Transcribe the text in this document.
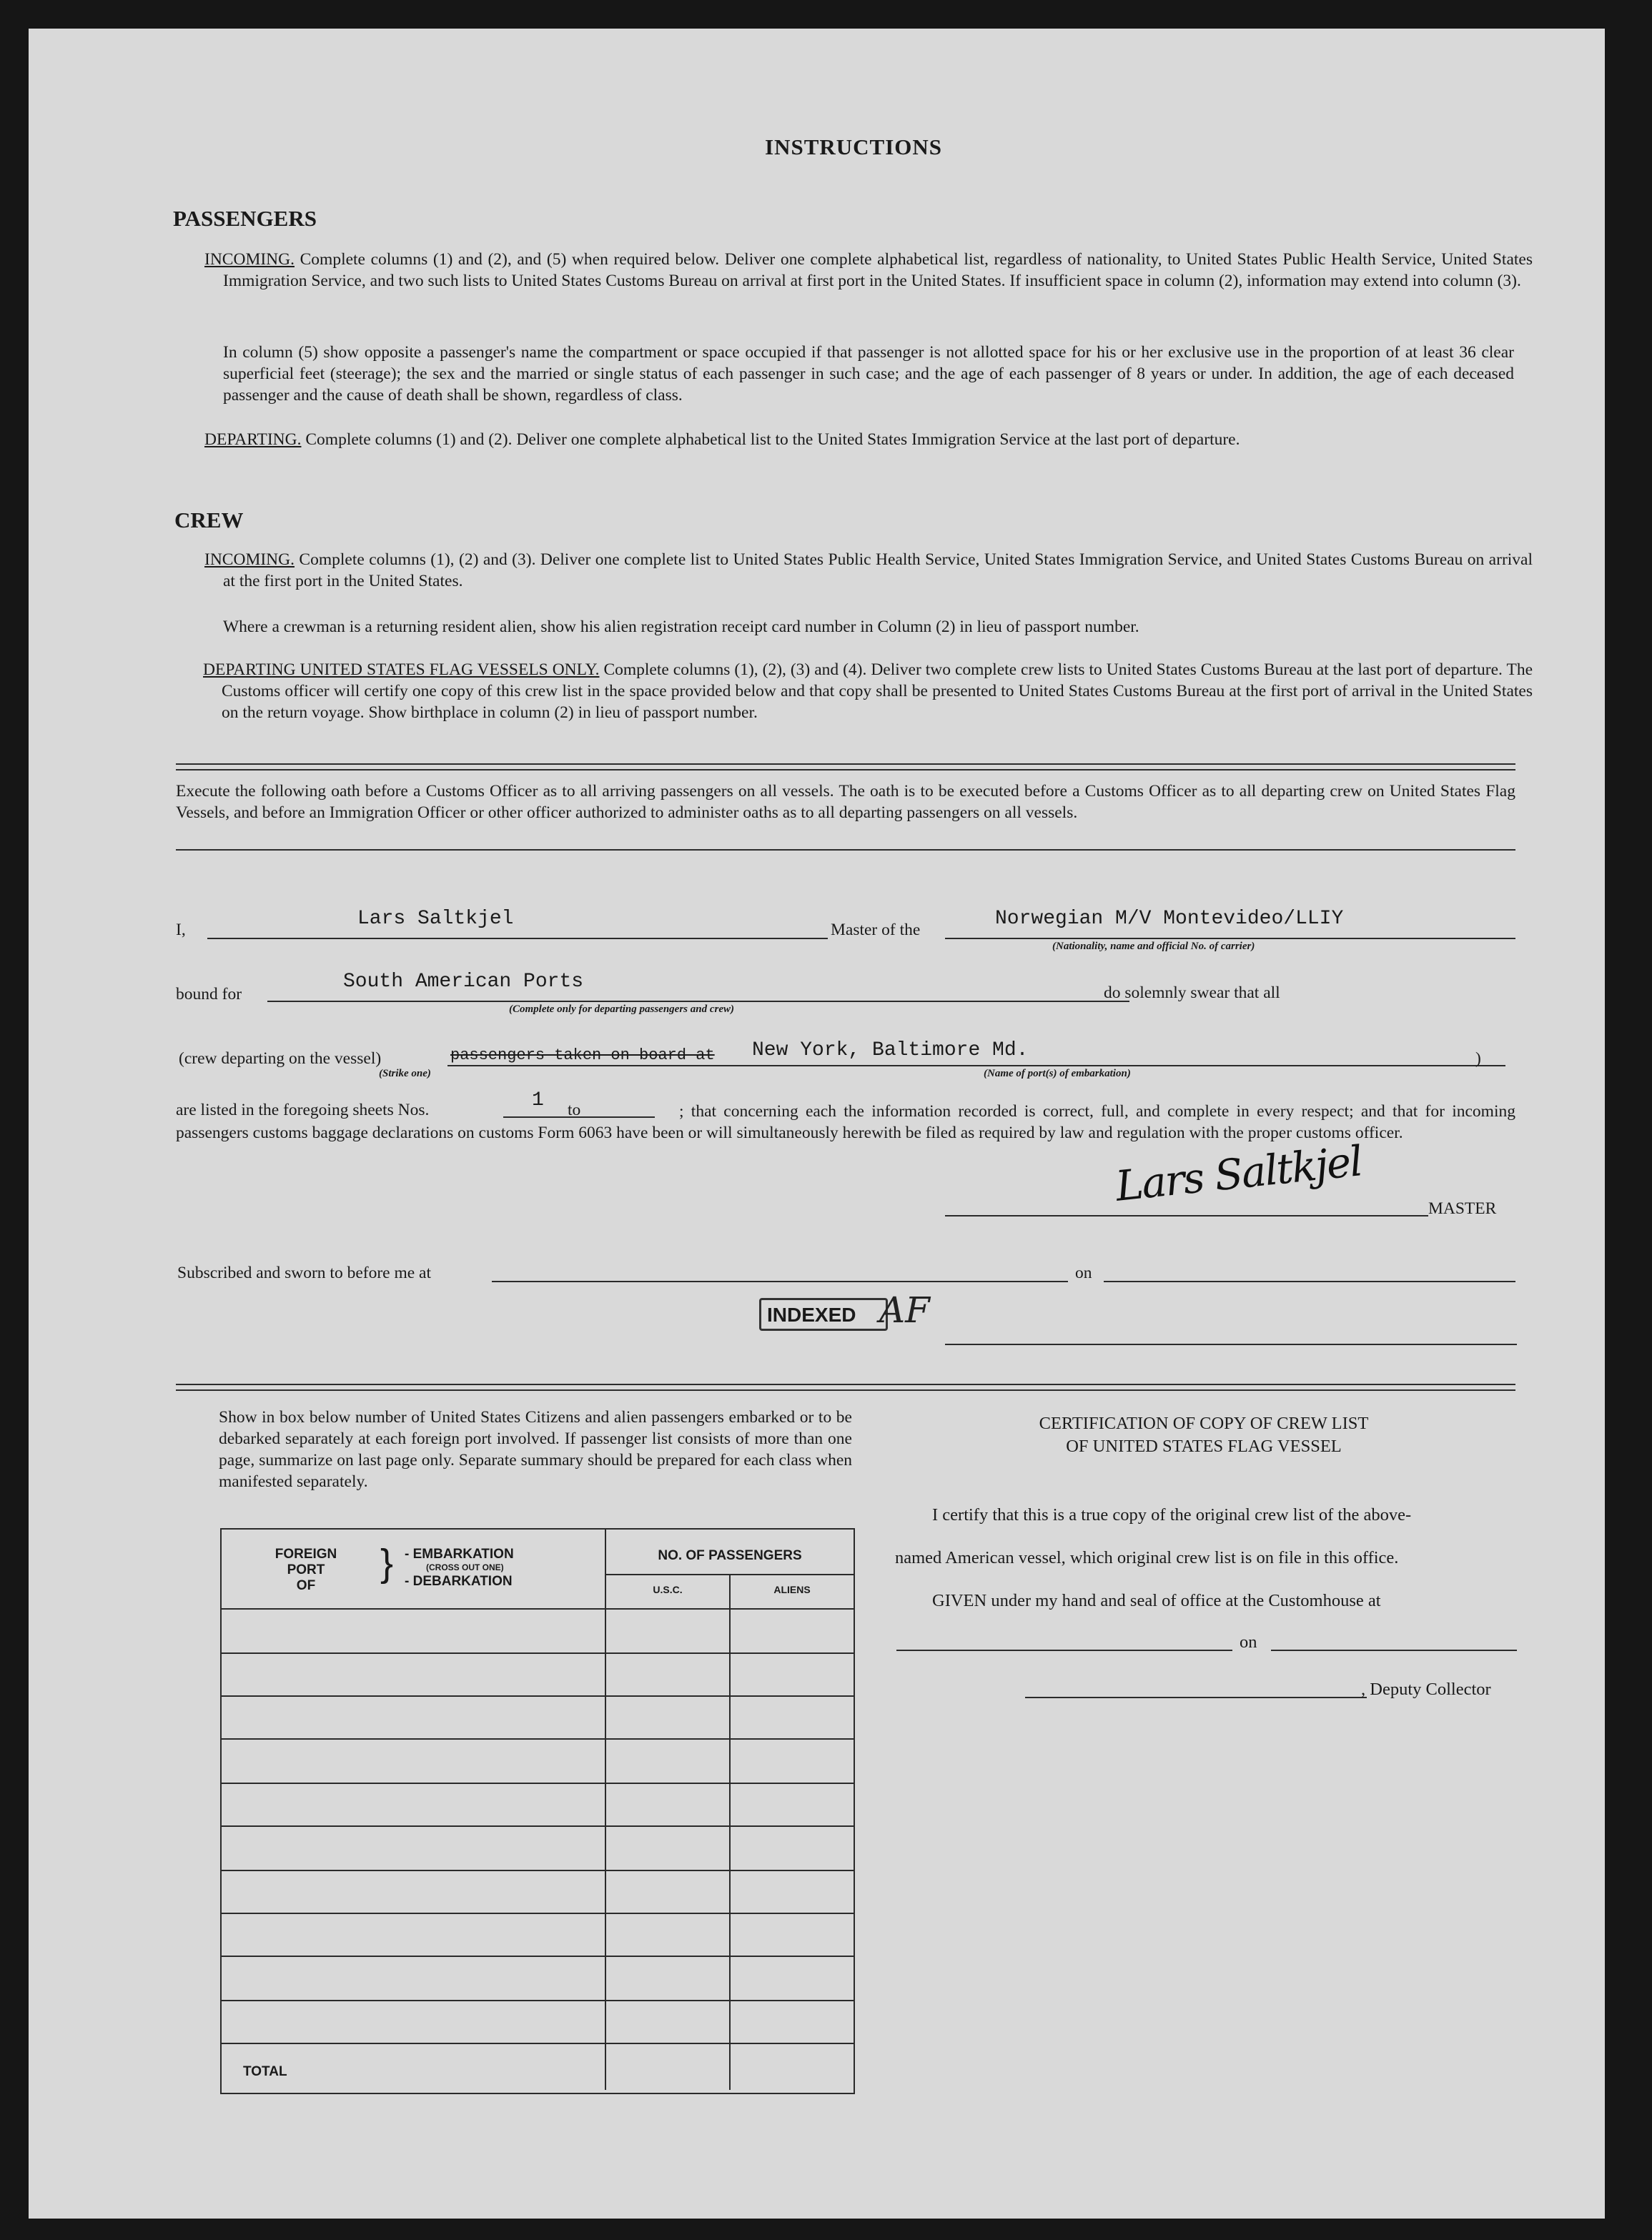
INSTRUCTIONS
PASSENGERS
INCOMING. Complete columns (1) and (2), and (5) when required below. Deliver one complete alphabetical list, regardless of nationality, to United States Public Health Service, United States Immigration Service, and two such lists to United States Customs Bureau on arrival at first port in the United States. If insufficient space in column (2), information may extend into column (3).
In column (5) show opposite a passenger's name the compartment or space occupied if that passenger is not allotted space for his or her exclusive use in the proportion of at least 36 clear superficial feet (steerage); the sex and the married or single status of each passenger in such case; and the age of each passenger of 8 years or under. In addition, the age of each deceased passenger and the cause of death shall be shown, regardless of class.
DEPARTING. Complete columns (1) and (2). Deliver one complete alphabetical list to the United States Immigration Service at the last port of departure.
CREW
INCOMING. Complete columns (1), (2) and (3). Deliver one complete list to United States Public Health Service, United States Immigration Service, and United States Customs Bureau on arrival at the first port in the United States.
Where a crewman is a returning resident alien, show his alien registration receipt card number in Column (2) in lieu of passport number.
DEPARTING UNITED STATES FLAG VESSELS ONLY. Complete columns (1), (2), (3) and (4). Deliver two complete crew lists to United States Customs Bureau at the last port of departure. The Customs officer will certify one copy of this crew list in the space provided below and that copy shall be presented to United States Customs Bureau at the first port of arrival in the United States on the return voyage. Show birthplace in column (2) in lieu of passport number.
Execute the following oath before a Customs Officer as to all arriving passengers on all vessels. The oath is to be executed before a Customs Officer as to all departing crew on United States Flag Vessels, and before an Immigration Officer or other officer authorized to administer oaths as to all departing passengers on all vessels.
I,	Lars Saltkjel	Master of the	Norwegian M/V Montevideo/LLIY
(Nationality, name and official No. of carrier)
bound for
South American Ports
(Complete only for departing passengers and crew)
do solemnly swear that all
(crew departing on the vessel)	passengers taken on board at
(Strike one)
New York, Baltimore Md.
(Name of port(s) of embarkation)
)
are listed in the foregoing sheets Nos.	1 to	; that concerning each the information recorded is correct, full, and complete in every respect; and that for incoming passengers customs baggage declarations on customs Form 6063 have been or will simultaneously herewith be filed as required by law and regulation with the proper customs officer.
Lars Saltkjel	MASTER
Subscribed and sworn to before me at	on
INDEXED AF
Show in box below number of United States Citizens and alien passengers embarked or to be debarked separately at each foreign port involved. If passenger list consists of more than one page, summarize on last page only. Separate summary should be prepared for each class when manifested separately.
FOREIGN
PORT
OF
} - EMBARKATION
(CROSS OUT ONE)
- DEBARKATION
NO. OF PASSENGERS
U.S.C.	ALIENS
TOTAL
CERTIFICATION OF COPY OF CREW LIST
OF UNITED STATES FLAG VESSEL
I certify that this is a true copy of the original crew list of the above-
named American vessel, which original crew list is on file in this office.
GIVEN under my hand and seal of office at the Customhouse at
on
, Deputy Collector
